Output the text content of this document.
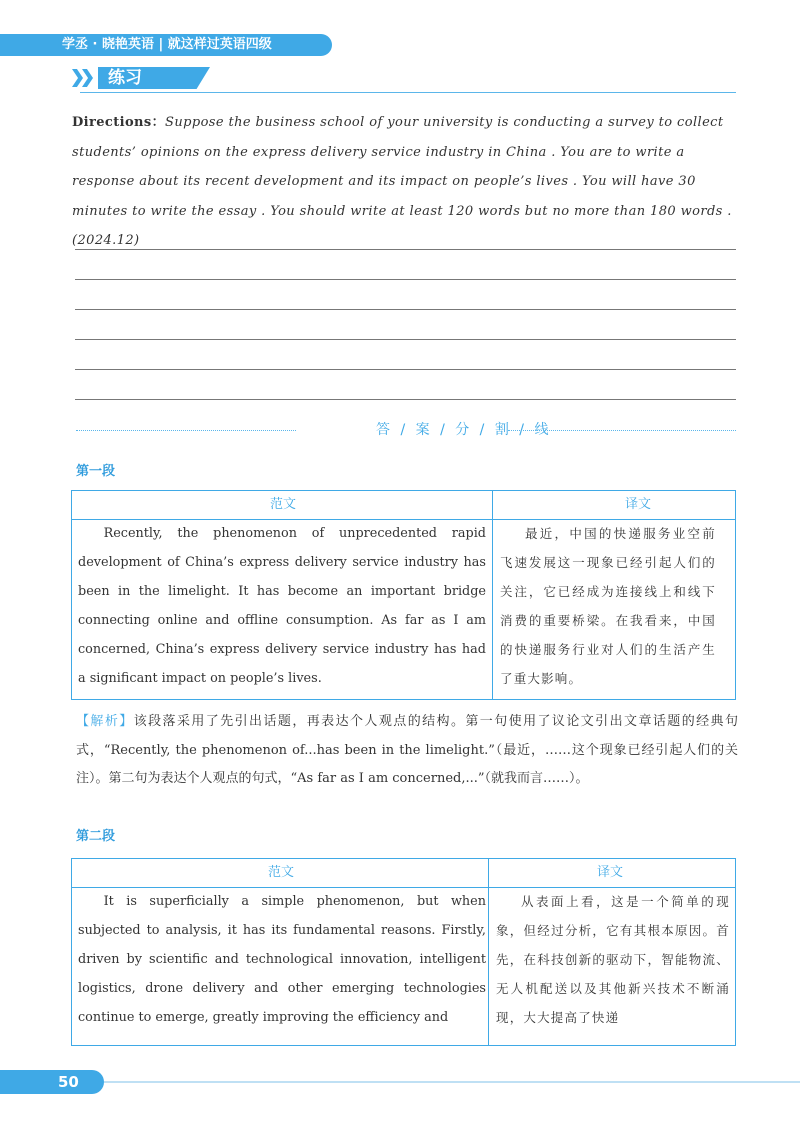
学丞 · 晓艳英语 | 就这样过英语四级
练习
Directions：Suppose the business school of your university is conducting a survey to collect students’ opinions on the express delivery service industry in China . You are to write a response about its recent development and its impact on people’s lives . You will have 30 minutes to write the essay . You should write at least 120 words but no more than 180 words .(2024.12)
答 / 案 / 分 / 割 / 线
第一段
范文	译文

Recently, the phenomenon of unprecedented rapid development of China’s express delivery service industry has been in the limelight. It has become an important bridge connecting online and offline consumption. As far as I am concerned, China’s express delivery service industry has had a significant impact on people’s lives.

最近，中国的快递服务业空前飞速发展这一现象已经引起人们的关注，它已经成为连接线上和线下消费的重要桥梁。在我看来，中国的快递服务行业对人们的生活产生了重大影响。

【解析】该段落采用了先引出话题，再表达个人观点的结构。第一句使用了议论文引出文章话题的经典句式，“Recently, the phenomenon of...has been in the limelight.”（最近，……这个现象已经引起人们的关注）。第二句为表达个人观点的句式，“As far as I am concerned,...”（就我而言……）。
第二段
范文	译文

It is superficially a simple phenomenon, but when subjected to analysis, it has its fundamental reasons. Firstly, driven by scientific and technological innovation, intelligent logistics, drone delivery and other emerging technologies continue to emerge, greatly improving the efficiency and

从表面上看，这是一个简单的现象，但经过分析，它有其根本原因。首先，在科技创新的驱动下，智能物流、无人机配送以及其他新兴技术不断涌现，大大提高了快递

50
